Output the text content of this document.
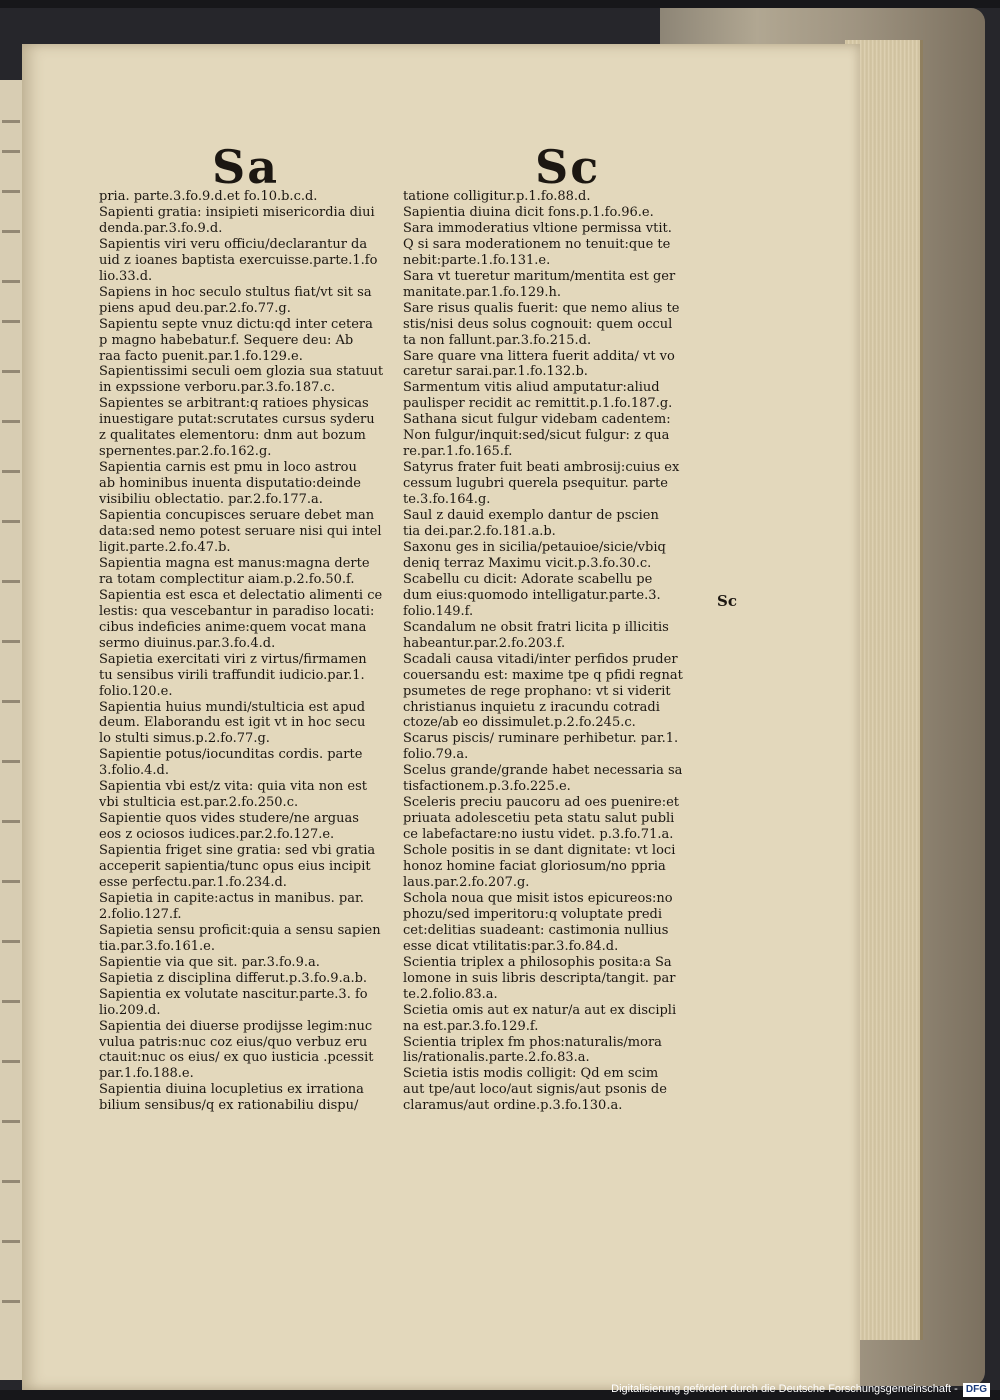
Sa	Sc
pria. parte.3.fo.9.d.et fo.10.b.c.d.
Sapienti gratia: insipieti misericordia diui
denda.par.3.fo.9.d.
Sapientis viri veru officiu/declarantur da
uid z ioanes baptista exercuisse.parte.1.fo
lio.33.d.
Sapiens in hoc seculo stultus fiat/vt sit sa
piens apud deu.par.2.fo.77.g.
Sapientu septe vnuz dictu:qd inter cetera
p magno habebatur.f. Sequere deu: Ab
raa facto puenit.par.1.fo.129.e.
Sapientissimi seculi oem glozia sua statuut
in expssione verboru.par.3.fo.187.c.
Sapientes se arbitrant:q ratioes physicas
inuestigare putat:scrutates cursus syderu
z qualitates elementoru: dnm aut bozum
spernentes.par.2.fo.162.g.
Sapientia carnis est pmu in loco astrou
ab hominibus inuenta disputatio:deinde
visibiliu oblectatio. par.2.fo.177.a.
Sapientia concupisces seruare debet man
data:sed nemo potest seruare nisi qui intel
ligit.parte.2.fo.47.b.
Sapientia magna est manus:magna derte
ra totam complectitur aiam.p.2.fo.50.f.
Sapientia est esca et delectatio alimenti ce
lestis: qua vescebantur in paradiso locati:
cibus indeficies anime:quem vocat mana
sermo diuinus.par.3.fo.4.d.
Sapietia exercitati viri z virtus/firmamen
tu sensibus virili traffundit iudicio.par.1.
folio.120.e.
Sapientia huius mundi/stulticia est apud
deum. Elaborandu est igit vt in hoc secu
lo stulti simus.p.2.fo.77.g.
Sapientie potus/iocunditas cordis. parte
3.folio.4.d.
Sapientia vbi est/z vita: quia vita non est
vbi stulticia est.par.2.fo.250.c.
Sapientie quos vides studere/ne arguas
eos z ociosos iudices.par.2.fo.127.e.
Sapientia friget sine gratia: sed vbi gratia
acceperit sapientia/tunc opus eius incipit
esse perfectu.par.1.fo.234.d.
Sapietia in capite:actus in manibus. par.
2.folio.127.f.
Sapietia sensu proficit:quia a sensu sapien
tia.par.3.fo.161.e.
Sapientie via que sit. par.3.fo.9.a.
Sapietia z disciplina differut.p.3.fo.9.a.b.
Sapientia ex volutate nascitur.parte.3. fo
lio.209.d.
Sapientia dei diuerse prodijsse legim:nuc
vulua patris:nuc coz eius/quo verbuz eru
ctauit:nuc os eius/ ex quo iusticia .pcessit
par.1.fo.188.e.
Sapientia diuina locupletius ex irrationa
bilium sensibus/q ex rationabiliu dispu/
tatione colligitur.p.1.fo.88.d.
Sapientia diuina dicit fons.p.1.fo.96.e.
Sara immoderatius vltione permissa vtit.
Q si sara moderationem no tenuit:que te
nebit:parte.1.fo.131.e.
Sara vt tueretur maritum/mentita est ger
manitate.par.1.fo.129.h.
Sare risus qualis fuerit: que nemo alius te
stis/nisi deus solus cognouit: quem occul
ta non fallunt.par.3.fo.215.d.
Sare quare vna littera fuerit addita/ vt vo
caretur sarai.par.1.fo.132.b.
Sarmentum vitis aliud amputatur:aliud
paulisper recidit ac remittit.p.1.fo.187.g.
Sathana sicut fulgur videbam cadentem:
Non fulgur/inquit:sed/sicut fulgur: z qua
re.par.1.fo.165.f.
Satyrus frater fuit beati ambrosij:cuius ex
cessum lugubri querela psequitur. parte
te.3.fo.164.g.
Saul z dauid exemplo dantur de pscien
tia dei.par.2.fo.181.a.b.
Saxonu ges in sicilia/petauioe/sicie/vbiq
deniq terraz Maximu vicit.p.3.fo.30.c.
Scabellu cu dicit: Adorate scabellu pe
dum eius:quomodo intelligatur.parte.3.
folio.149.f.
Scandalum ne obsit fratri licita p illicitis
habeantur.par.2.fo.203.f.
Scadali causa vitadi/inter perfidos pruder
couersandu est: maxime tpe q pfidi regnat
psumetes de rege prophano: vt si viderit
christianus inquietu z iracundu cotradi
ctoze/ab eo dissimulet.p.2.fo.245.c.
Scarus piscis/ ruminare perhibetur. par.1.
folio.79.a.
Scelus grande/grande habet necessaria sa
tisfactionem.p.3.fo.225.e.
Sceleris preciu paucoru ad oes puenire:et
priuata adolescetiu peta statu salut publi
ce labefactare:no iustu videt. p.3.fo.71.a.
Schole positis in se dant dignitate: vt loci
honoz homine faciat gloriosum/no ppria
laus.par.2.fo.207.g.
Schola noua que misit istos epicureos:no
phozu/sed imperitoru:q voluptate predi
cet:delitias suadeant: castimonia nullius
esse dicat vtilitatis:par.3.fo.84.d.
Scientia triplex a philosophis posita:a Sa
lomone in suis libris descripta/tangit. par
te.2.folio.83.a.
Scietia omis aut ex natur/a aut ex discipli
na est.par.3.fo.129.f.
Scientia triplex fm phos:naturalis/mora
lis/rationalis.parte.2.fo.83.a.
Scietia istis modis colligit: Qd em scim
aut tpe/aut loco/aut signis/aut psonis de
claramus/aut ordine.p.3.fo.130.a.
Sc
Digitalisierung gefördert durch die Deutsche Forschungsgemeinschaft - DFG
